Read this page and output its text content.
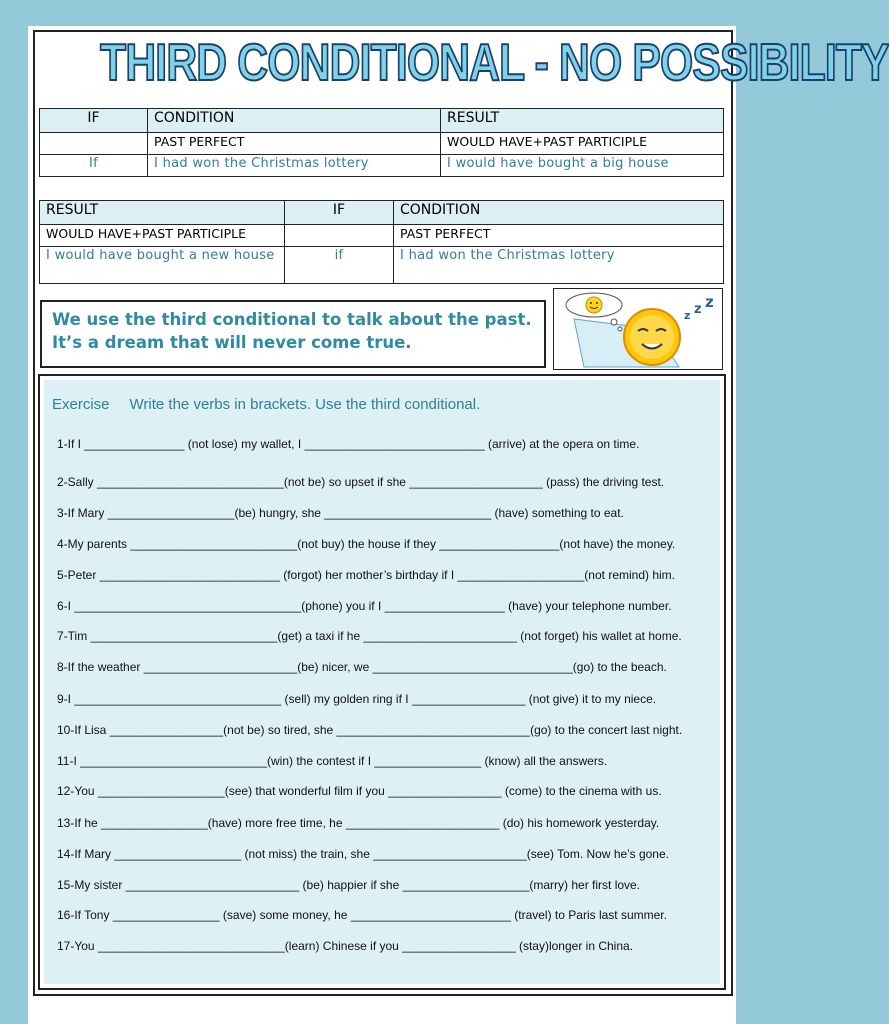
THIRD CONDITIONAL - NO POSSIBILITY
IF	CONDITION	RESULT
	PAST PERFECT	WOULD HAVE+PAST PARTICIPLE
If	I had won the Christmas lottery	I would have bought a big house
RESULT	IF	CONDITION
WOULD HAVE+PAST PARTICIPLE		PAST PERFECT
I would have bought a new house	if	I had won the Christmas lottery
We use the third conditional to talk about the past. It’s a dream that will never come true.
z z z
Exercise Write the verbs in brackets. Use the third conditional.
1-If I _______________ (not lose) my wallet, I ___________________________ (arrive) at the opera on time.
2-Sally ____________________________(not be) so upset if she ____________________ (pass) the driving test.
3-If Mary ___________________(be) hungry, she _________________________ (have) something to eat.
4-My parents _________________________(not buy) the house if they __________________(not have) the money.
5-Peter ___________________________ (forgot) her mother’s birthday if I ___________________(not remind) him.
6-I __________________________________(phone) you if I __________________ (have) your telephone number.
7-Tim ____________________________(get) a taxi if he _______________________ (not forget) his wallet at home.
8-If the weather _______________________(be) nicer, we ______________________________(go) to the beach.
9-I _______________________________ (sell) my golden ring if I _________________ (not give) it to my niece.
10-If Lisa _________________(not be) so tired, she _____________________________(go) to the concert last night.
11-I ____________________________(win) the contest if I ________________ (know) all the answers.
12-You ___________________(see) that wonderful film if you _________________ (come) to the cinema with us.
13-If he ________________(have) more free time, he _______________________ (do) his homework yesterday.
14-If Mary ___________________ (not miss) the train, she _______________________(see) Tom. Now he’s gone.
15-My sister __________________________ (be) happier if she ___________________(marry) her first love.
16-If Tony ________________ (save) some money, he ________________________ (travel) to Paris last summer.
17-You ____________________________(learn) Chinese if you _________________ (stay)longer in China.
